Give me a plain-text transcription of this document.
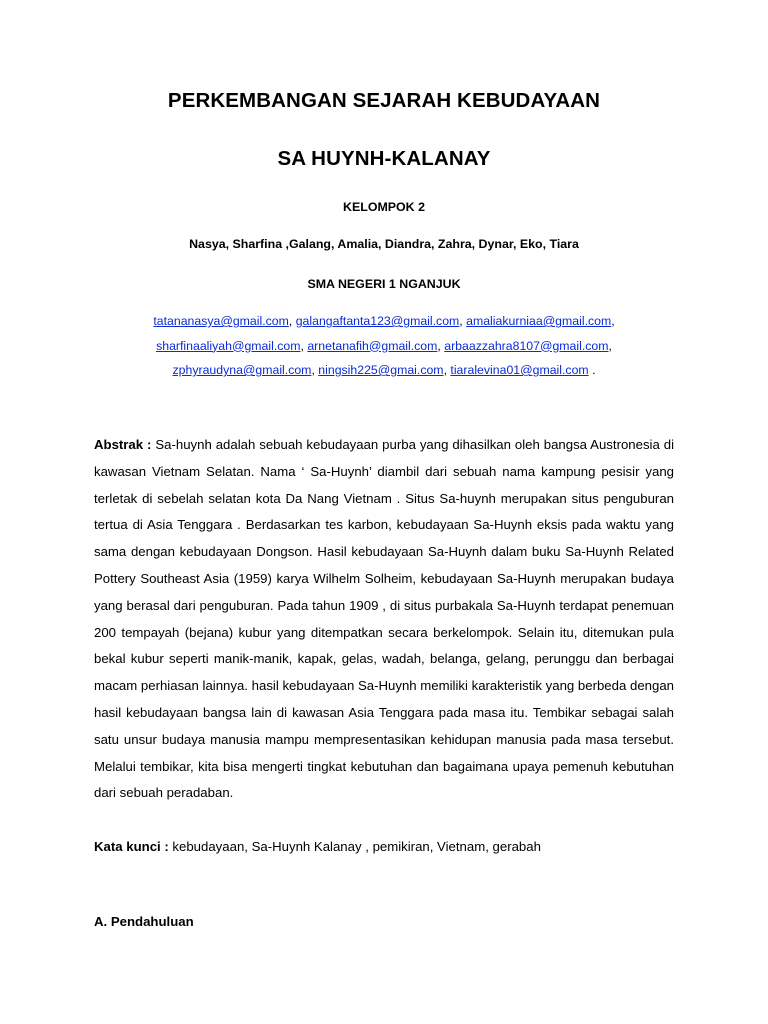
PERKEMBANGAN SEJARAH KEBUDAYAAN
SA HUYNH-KALANAY
KELOMPOK 2
Nasya, Sharfina ,Galang, Amalia, Diandra, Zahra, Dynar, Eko, Tiara
SMA NEGERI 1 NGANJUK
tatananasya@gmail.com, galangaftanta123@gmail.com, amaliakurniaa@gmail.com,
sharfinaaliyah@gmail.com, arnetanafih@gmail.com, arbaazzahra8107@gmail.com,
zphyraudyna@gmail.com, ningsih225@gmai.com, tiaralevina01@gmail.com .

Abstrak : Sa-huynh adalah sebuah kebudayaan purba yang dihasilkan oleh bangsa Austronesia di kawasan Vietnam Selatan. Nama ‘ Sa-Huynh’ diambil dari sebuah nama kampung pesisir yang terletak di sebelah selatan kota Da Nang Vietnam . Situs Sa-huynh merupakan situs penguburan tertua di Asia Tenggara . Berdasarkan tes karbon, kebudayaan Sa-Huynh eksis pada waktu yang sama dengan kebudayaan Dongson. Hasil kebudayaan Sa-Huynh dalam buku Sa-Huynh Related Pottery Southeast Asia (1959) karya Wilhelm Solheim, kebudayaan Sa-Huynh merupakan budaya yang berasal dari penguburan. Pada tahun 1909 , di situs purbakala Sa-Huynh terdapat penemuan 200 tempayah (bejana) kubur yang ditempatkan secara berkelompok. Selain itu, ditemukan pula bekal kubur seperti manik-manik, kapak, gelas, wadah, belanga, gelang, perunggu dan berbagai macam perhiasan lainnya. hasil kebudayaan Sa-Huynh memiliki karakteristik yang berbeda dengan hasil kebudayaan bangsa lain di kawasan Asia Tenggara pada masa itu. Tembikar sebagai salah satu unsur budaya manusia mampu mempresentasikan kehidupan manusia pada masa tersebut. Melalui tembikar, kita bisa mengerti tingkat kebutuhan dan bagaimana upaya pemenuh kebutuhan dari sebuah peradaban.

Kata kunci : kebudayaan, Sa-Huynh Kalanay , pemikiran, Vietnam, gerabah

A. Pendahuluan
